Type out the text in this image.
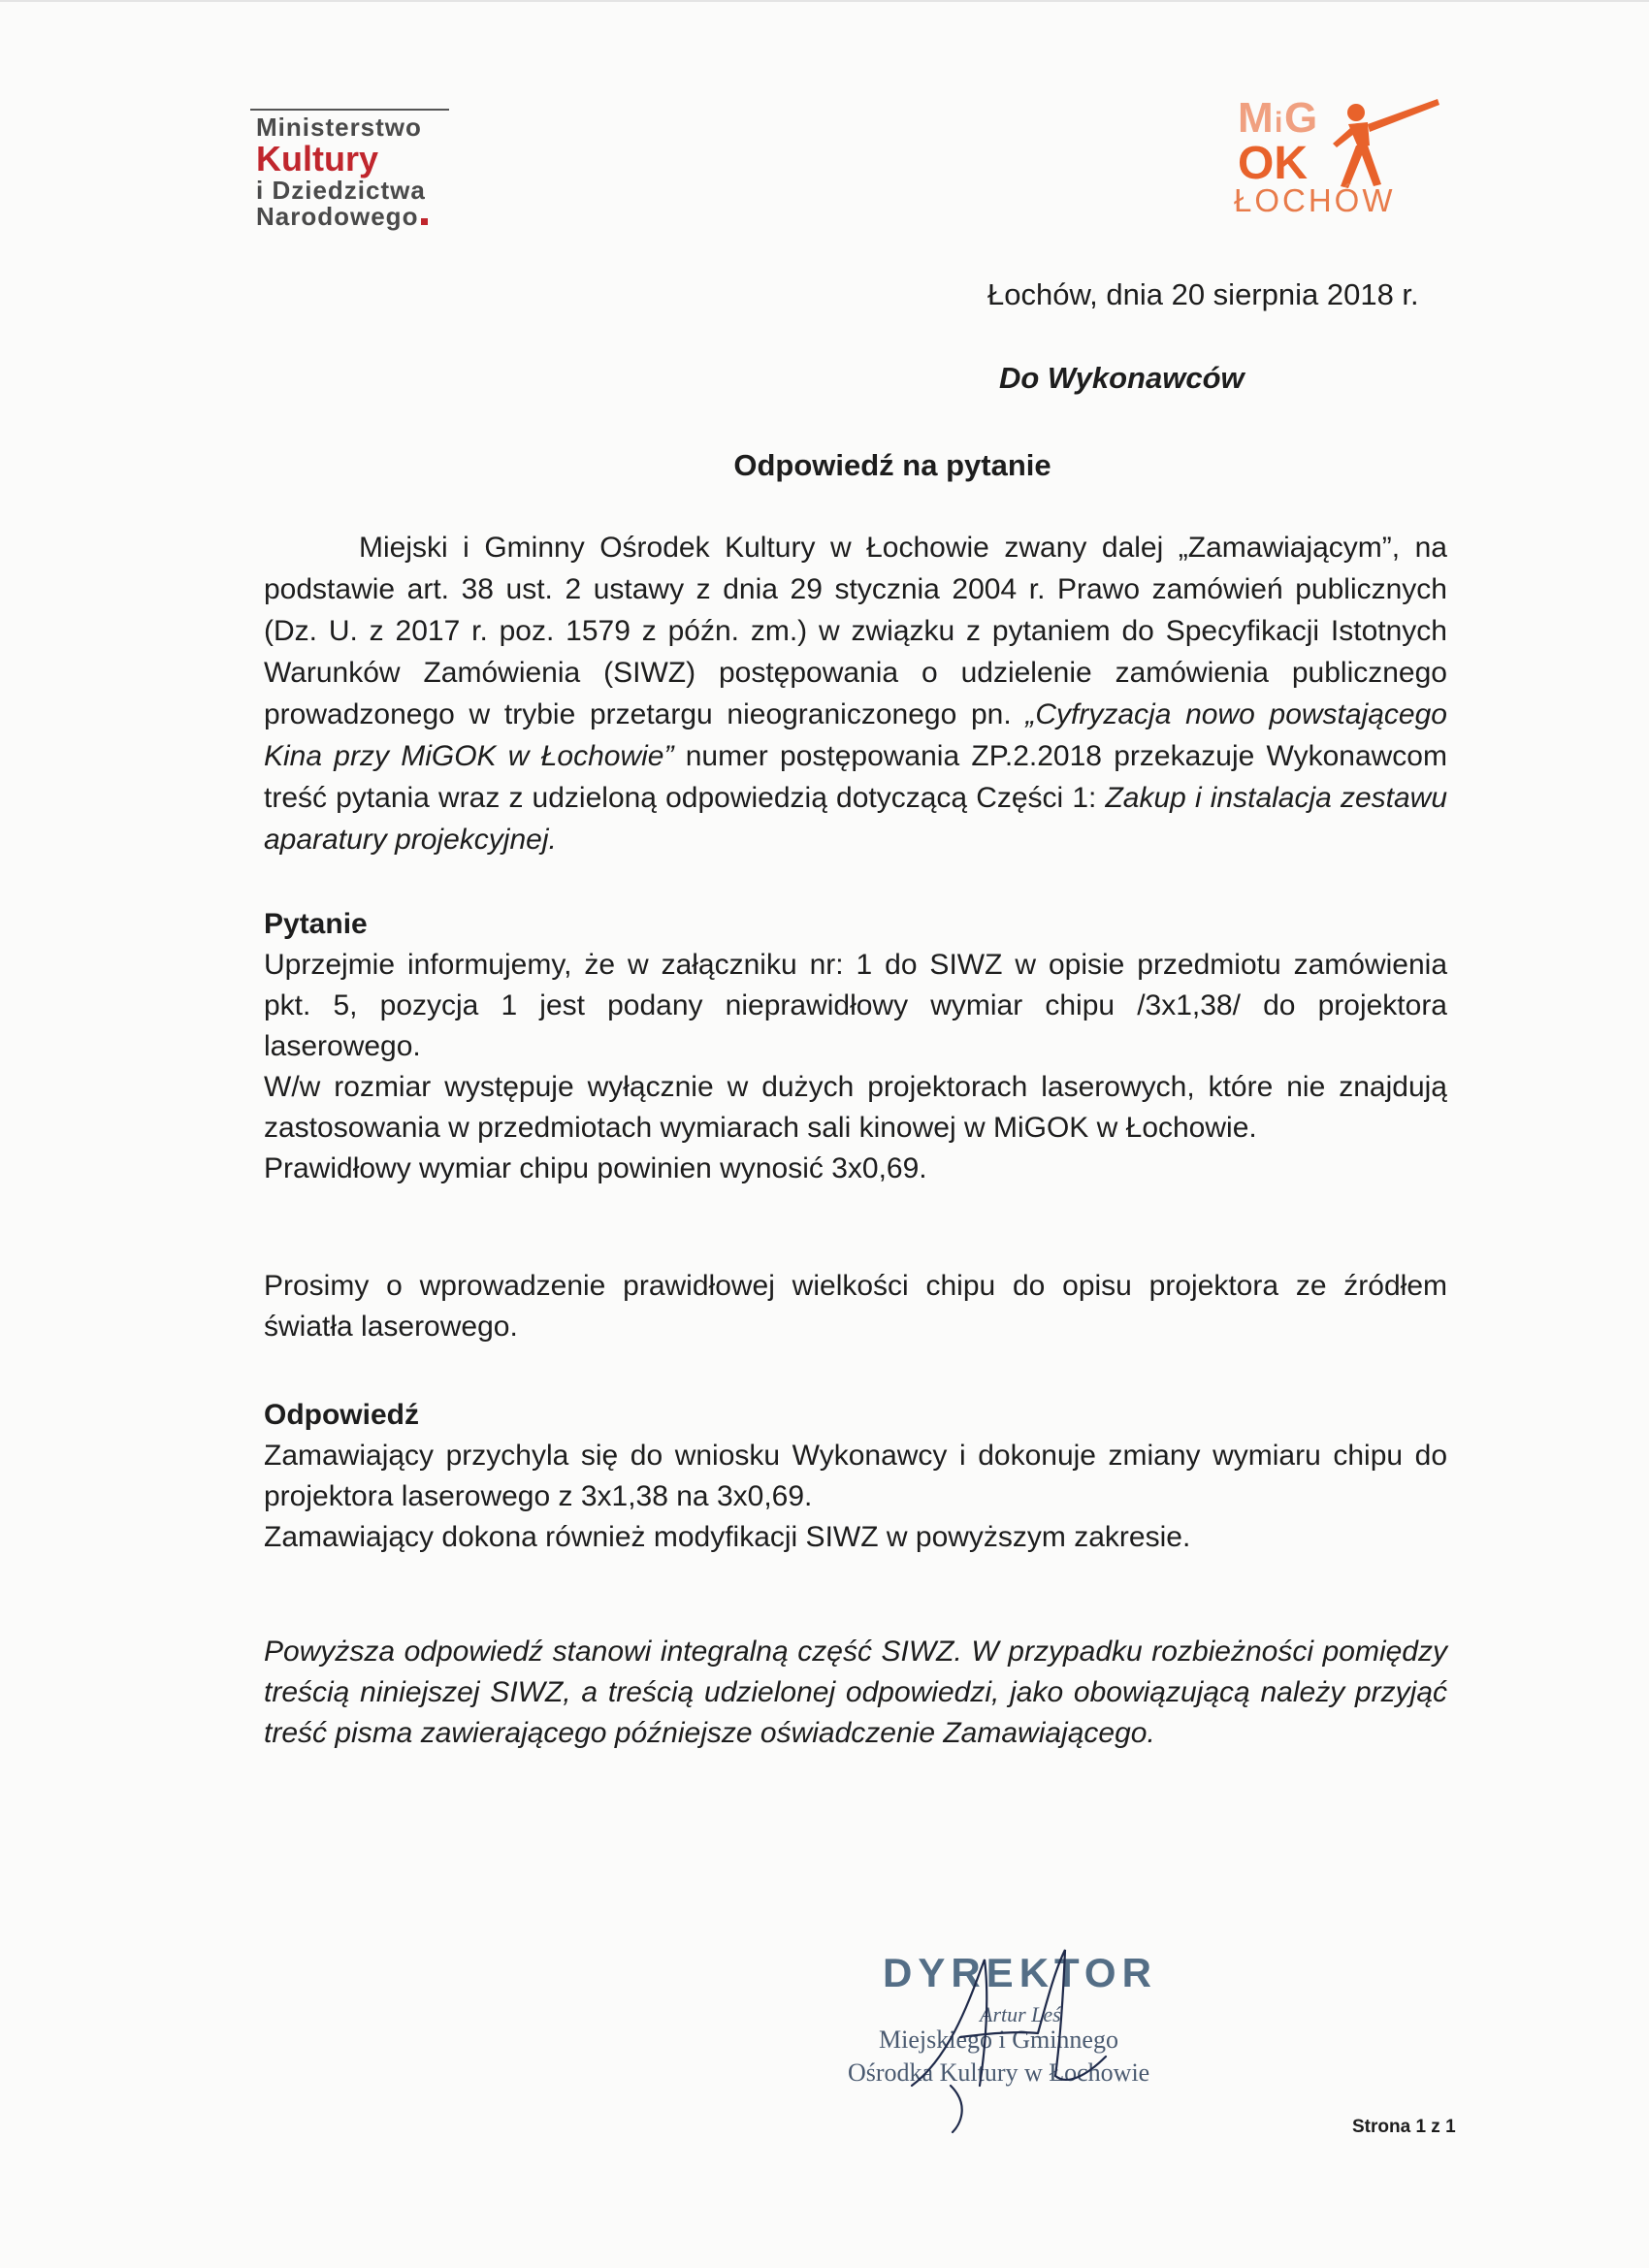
Ministerstwo
Kultury
i Dziedzictwa
Narodowego
M i G
OK
ŁOCHÓW
Łochów, dnia 20 sierpnia 2018 r.
Do Wykonawców
Odpowiedź na pytanie

Miejski i Gminny Ośrodek Kultury w Łochowie zwany dalej „Zamawiającym”, na podstawie art. 38 ust. 2 ustawy z dnia 29 stycznia 2004 r. Prawo zamówień publicznych (Dz. U. z 2017 r. poz. 1579 z późn. zm.) w związku z pytaniem do Specyfikacji Istotnych Warunków Zamówienia (SIWZ) postępowania o udzielenie zamówienia publicznego prowadzonego w trybie przetargu nieograniczonego pn. „Cyfryzacja nowo powstającego Kina przy MiGOK w Łochowie” numer postępowania ZP.2.2018 przekazuje Wykonawcom treść pytania wraz z udzieloną odpowiedzią dotyczącą Części 1: Zakup i instalacja zestawu aparatury projekcyjnej.

Pytanie

Uprzejmie informujemy, że w załączniku nr: 1 do SIWZ w opisie przedmiotu zamówienia pkt. 5, pozycja 1 jest podany nieprawidłowy wymiar chipu /3x1,38/ do projektora laserowego.

W/w rozmiar występuje wyłącznie w dużych projektorach laserowych, które nie znajdują zastosowania w przedmiotach wymiarach sali kinowej w MiGOK w Łochowie.

Prawidłowy wymiar chipu powinien wynosić 3x0,69.

Prosimy o wprowadzenie prawidłowej wielkości chipu do opisu projektora ze źródłem światła laserowego.

Odpowiedź

Zamawiający przychyla się do wniosku Wykonawcy i dokonuje zmiany wymiaru chipu do projektora laserowego z 3x1,38 na 3x0,69.

Zamawiający dokona również modyfikacji SIWZ w powyższym zakresie.

Powyższa odpowiedź stanowi integralną część SIWZ. W przypadku rozbieżności pomiędzy treścią niniejszej SIWZ, a treścią udzielonej odpowiedzi, jako obowiązującą należy przyjąć treść pisma zawierającego późniejsze oświadczenie Zamawiającego.

DYREKTOR
Artur Leś
Miejskiego i Gminnego
Ośrodka Kultury w Łochowie
Strona 1 z 1
